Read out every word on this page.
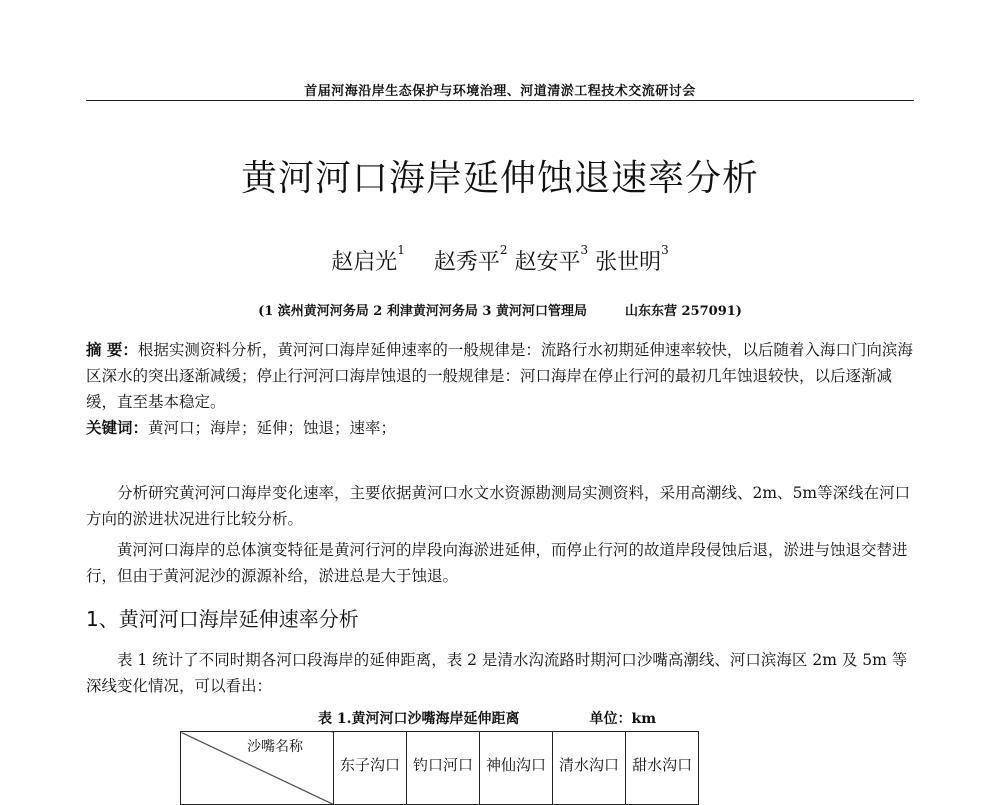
首届河海沿岸生态保护与环境治理、河道清淤工程技术交流研讨会
黄河河口海岸延伸蚀退速率分析
赵启光$^1$ 赵秀平$^2$ 赵安平$^3$ 张世明$^3$
(1 滨州黄河河务局 2 利津黄河河务局 3 黄河河口管理局	山东东营 257091)
摘 要：根据实测资料分析，黄河河口海岸延伸速率的一般规律是：流路行水初期延伸速率较快，以后随着入海口门向滨海区深水的突出逐渐减缓；停止行河河口海岸蚀退的一般规律是：河口海岸在停止行河的最初几年蚀退较快，以后逐渐减缓，直至基本稳定。
关键词：黄河口；海岸；延伸；蚀退；速率；
分析研究黄河河口海岸变化速率，主要依据黄河口水文水资源勘测局实测资料，采用高潮线、2m、5m等深线在河口方向的淤进状况进行比较分析。
黄河河口海岸的总体演变特征是黄河行河的岸段向海淤进延伸，而停止行河的故道岸段侵蚀后退，淤进与蚀退交替进行，但由于黄河泥沙的源源补给，淤进总是大于蚀退。
1、黄河河口海岸延伸速率分析
表 1 统计了不同时期各河口段海岸的延伸距离，表 2 是清水沟流路时期河口沙嘴高潮线、河口滨海区 2m 及 5m 等深线变化情况，可以看出：
表 1.黄河河口沙嘴海岸延伸距离	单位：km
沙嘴名称
	东子沟口	钓口河口	神仙沟口	清水沟口	甜水沟口
